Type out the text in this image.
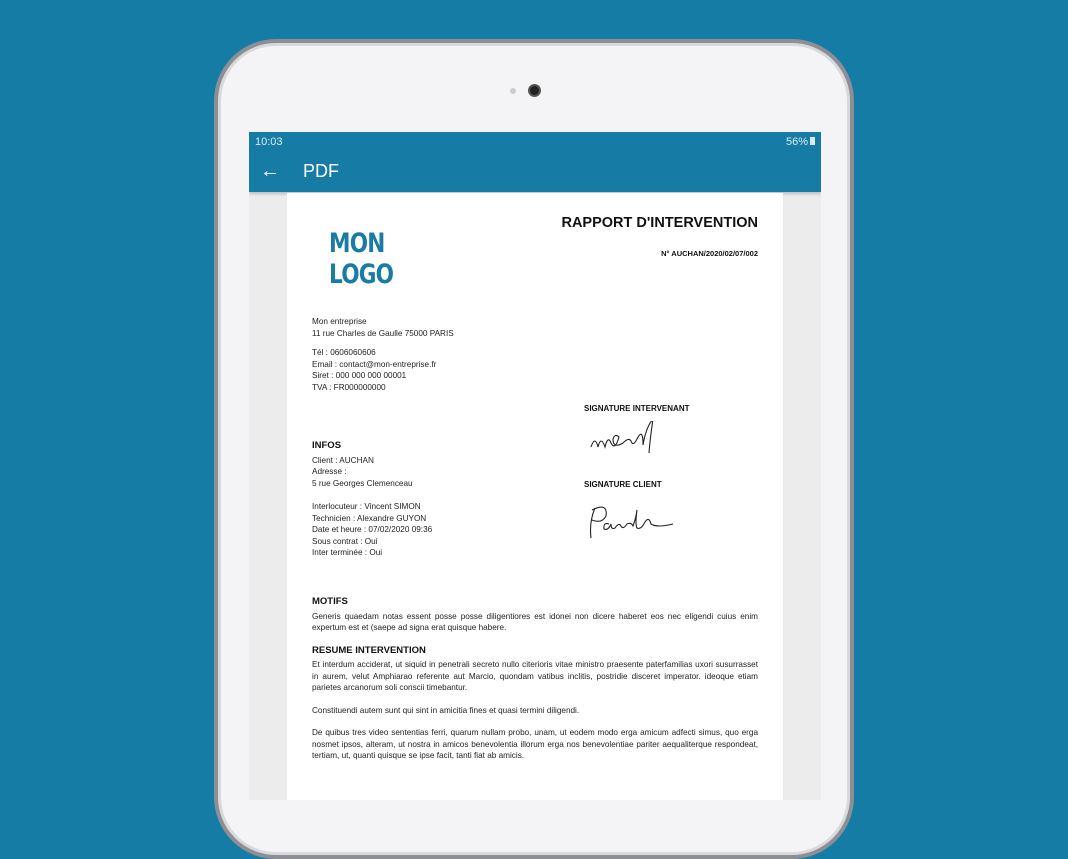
10:03	56%
←	PDF
MON
LOGO
RAPPORT D'INTERVENTION
N° AUCHAN/2020/02/07/002
Mon entreprise
11 rue Charles de Gaulle 75000 PARIS
Tél : 0606060606
Email : contact@mon-entreprise.fr
Siret : 000 000 000 00001
TVA : FR000000000
INFOS
Client : AUCHAN
Adresse :
5 rue Georges Clemenceau
Interlocuteur : Vincent SIMON
Technicien : Alexandre GUYON
Date et heure : 07/02/2020 09:36
Sous contrat : Oui
Inter terminée : Oui
SIGNATURE INTERVENANT
SIGNATURE CLIENT
MOTIFS
Generis quaedam notas essent posse posse diligentiores est idonei non dicere haberet eos nec eligendi cuius enim expertum est et (saepe ad signa erat quisque habere.
RESUME INTERVENTION
Et interdum acciderat, ut siquid in penetrali secreto nullo citerioris vitae ministro praesente paterfamilias uxori susurrasset in aurem, velut Amphiarao referente aut Marcio, quondam vatibus inclitis, postridie disceret imperator. ideoque etiam parietes arcanorum soli conscii timebantur.
Constituendi autem sunt qui sint in amicitia fines et quasi termini diligendi.
De quibus tres video sententias ferri, quarum nullam probo, unam, ut eodem modo erga amicum adfecti simus, quo erga nosmet ipsos, alteram, ut nostra in amicos benevolentia illorum erga nos benevolentiae pariter aequaliterque respondeat, tertiam, ut, quanti quisque se ipse facit, tanti fiat ab amicis.
